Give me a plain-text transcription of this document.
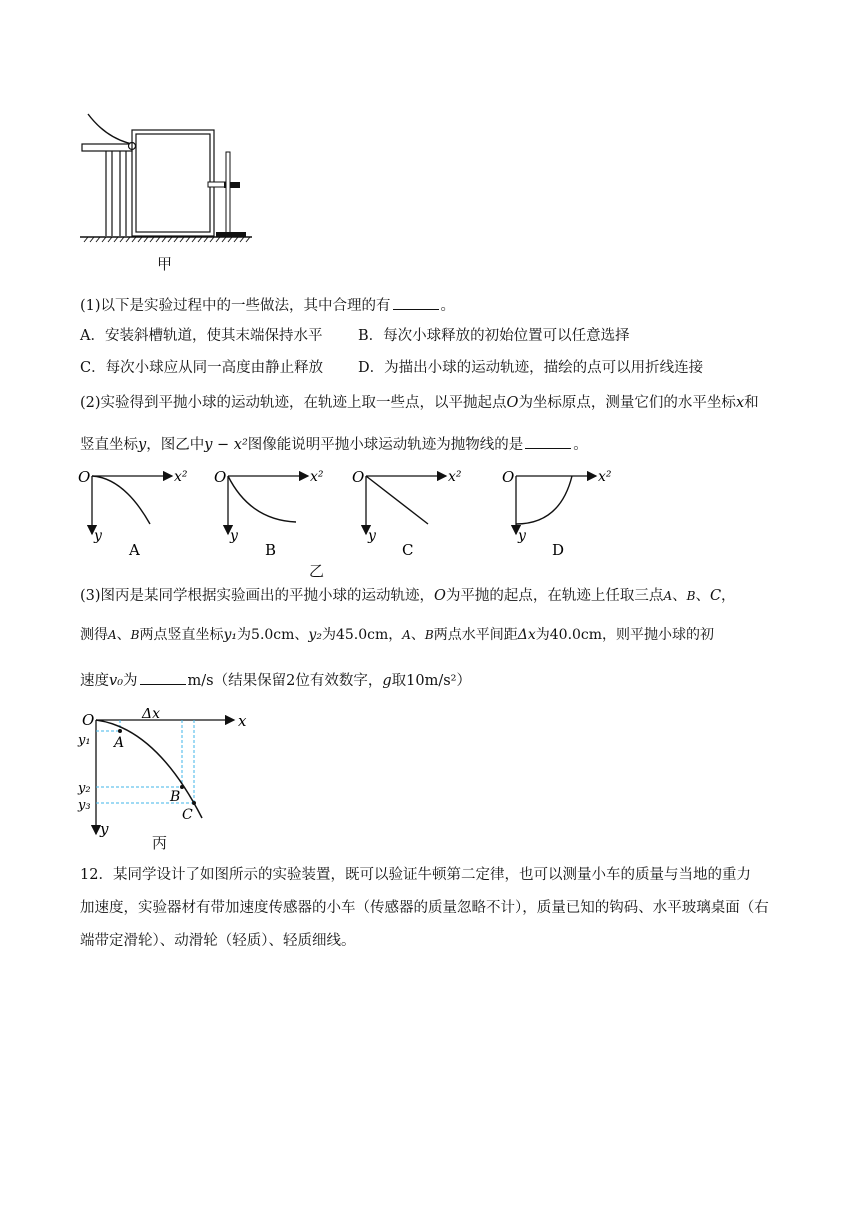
甲
(1)以下是实验过程中的一些做法，其中合理的有	。
A．安装斜槽轨道，使其末端保持水平 B．每次小球释放的初始位置可以任意选择
C．每次小球应从同一高度由静止释放 D．为描出小球的运动轨迹，描绘的点可以用折线连接
(2)实验得到平抛小球的运动轨迹，在轨迹上取一些点，以平抛起点O为坐标原点，测量它们的水平坐标x和
竖直坐标y，图乙中y − x²图像能说明平抛小球运动轨迹为抛物线的是	。
O	x²
y
A
O	x²
y
B
O	x²
y
C
O	x²
y
D
乙
(3)图丙是某同学根据实验画出的平抛小球的运动轨迹，O为平抛的起点，在轨迹上任取三点A、B、C，
测得A、B两点竖直坐标y₁为5.0cm、y₂为45.0cm，A、B两点水平间距Δx为40.0cm，则平抛小球的初
速度v₀为	m/s（结果保留2位有效数字，g取10m/s²）
O	x
y
Δx
y₁
y₂
y₃
A
B
C
丙
12．某同学设计了如图所示的实验装置，既可以验证牛顿第二定律，也可以测量小车的质量与当地的重力
加速度，实验器材有带加速度传感器的小车（传感器的质量忽略不计），质量已知的钩码、水平玻璃桌面（右
端带定滑轮）、动滑轮（轻质）、轻质细线。
